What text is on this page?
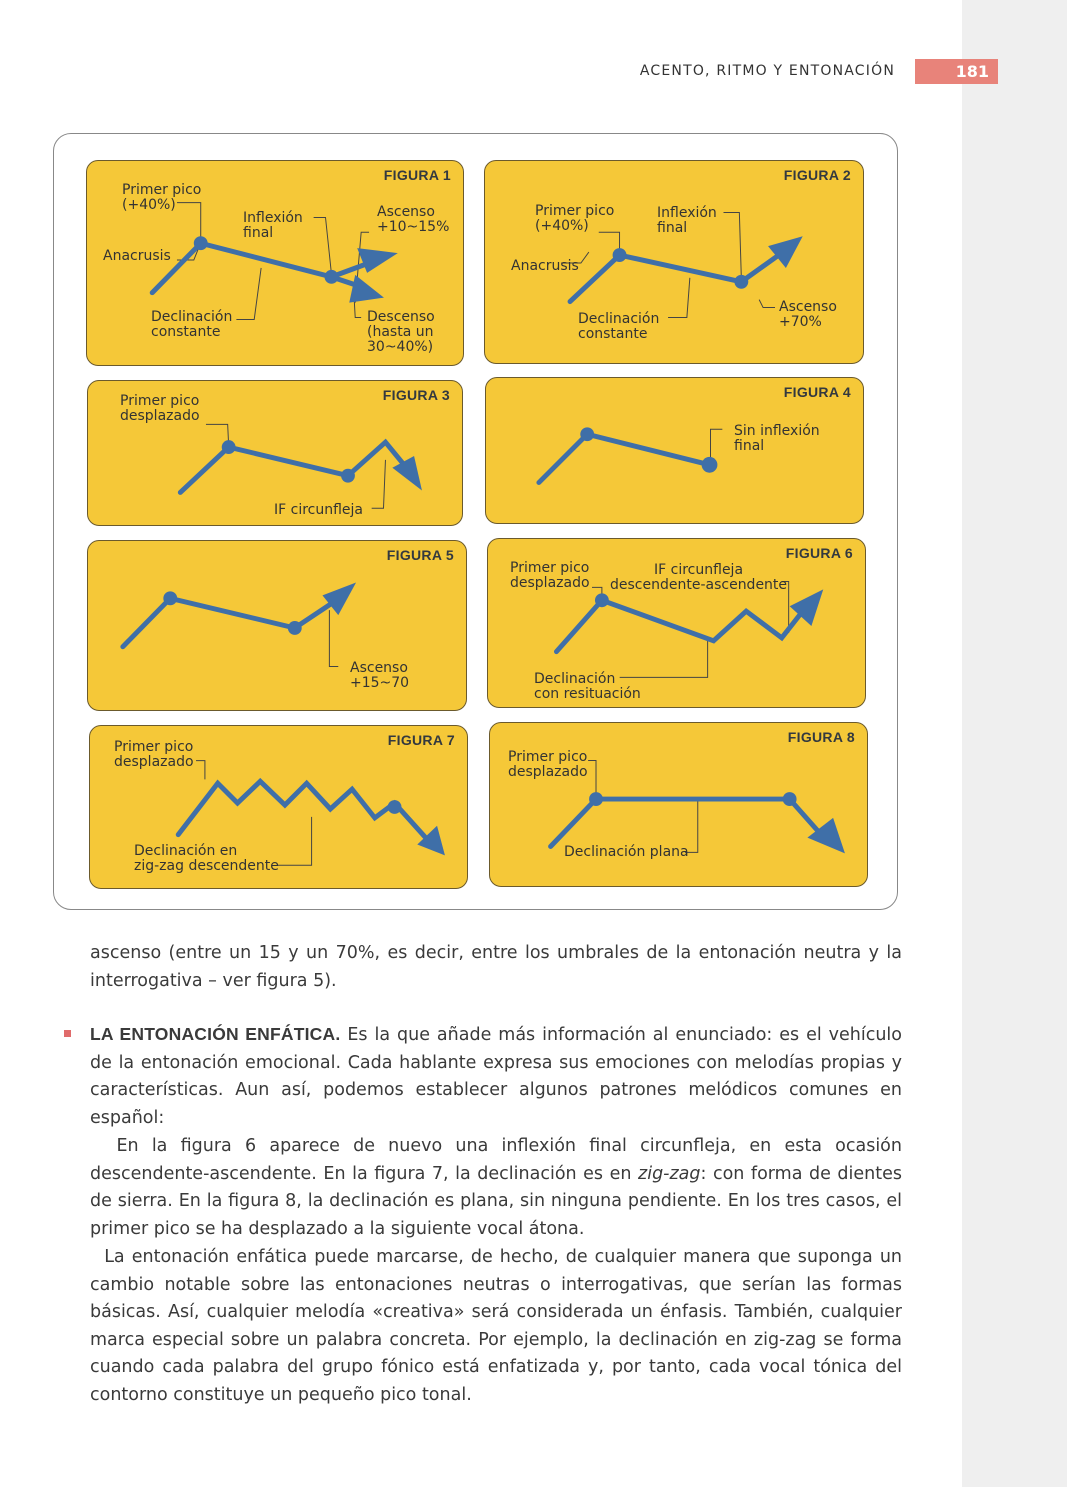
ACENTO, RITMO Y ENTONACIÓN	181
FIGURA 1
Primer pico
(+40%)
Inflexión
final
Ascenso
+10~15%
Anacrusis
Declinación
constante
Descenso
(hasta un
30~40%)
FIGURA 2
Primer pico
(+40%)
Inflexión
final
Anacrusis
Declinación
constante
Ascenso
+70%
FIGURA 3
Primer pico
desplazado
IF circunfleja
FIGURA 4
Sin inflexión
final
FIGURA 5
Ascenso
+15~70
FIGURA 6
Primer pico
desplazado
IF circunfleja
descendente-ascendente
Declinación
con resituación
FIGURA 7
Primer pico
desplazado
Declinación en
zig-zag descendente
FIGURA 8
Primer pico
desplazado
Declinación plana

ascenso (entre un 15 y un 70%, es decir, entre los umbrales de la entonación neutra y la interrogativa – ver figura 5).

LA ENTONACIÓN ENFÁTICA. Es la que añade más información al enunciado: es el vehículo de la entonación emocional. Cada hablante expresa sus emociones con melodías propias y características. Aun así, podemos establecer algunos patrones melódicos comunes en español:

En la figura 6 aparece de nuevo una inflexión final circunfleja, en esta ocasión descendente-ascendente. En la figura 7, la declinación es en zig-zag: con forma de dientes de sierra. En la figura 8, la declinación es plana, sin ninguna pendiente. En los tres casos, el primer pico se ha desplazado a la siguiente vocal átona.

La entonación enfática puede marcarse, de hecho, de cualquier manera que suponga un cambio notable sobre las entonaciones neutras o interrogativas, que serían las formas básicas. Así, cualquier melodía «creativa» será considerada un énfasis. También, cualquier marca especial sobre un palabra concreta. Por ejemplo, la declinación en zig-zag se forma cuando cada palabra del grupo fónico está enfatizada y, por tanto, cada vocal tónica del contorno constituye un pequeño pico tonal.
